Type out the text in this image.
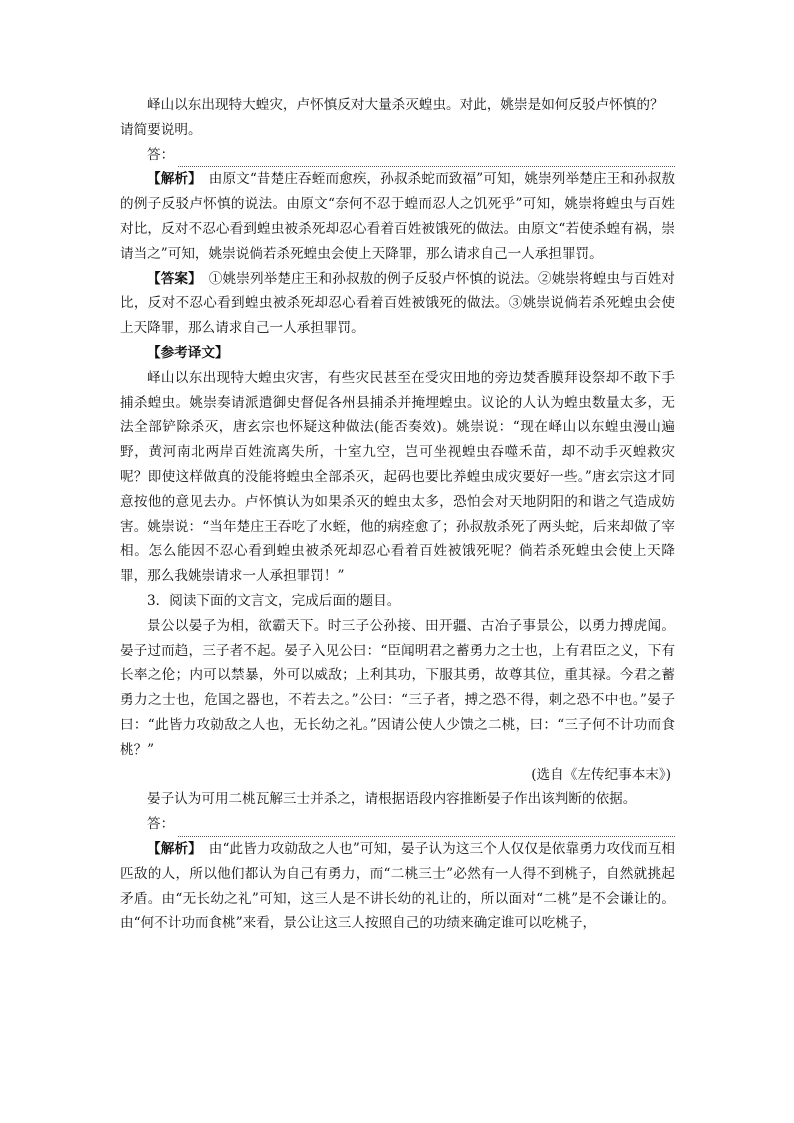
峄山以东出现特大蝗灾，卢怀慎反对大量杀灭蝗虫。对此，姚崇是如何反驳卢怀慎的？
请简要说明。

答：

【解析】　 由原文“昔楚庄吞蛭而愈疾，孙叔杀蛇而致福”可知，姚崇列举楚庄王和孙叔敖的例子反驳卢怀慎的说法。由原文“奈何不忍于蝗而忍人之饥死乎”可知，姚崇将蝗虫与百姓对比，反对不忍心看到蝗虫被杀死却忍心看着百姓被饿死的做法。由原文“若使杀蝗有祸，崇请当之”可知，姚崇说倘若杀死蝗虫会使上天降罪，那么请求自己一人承担罪罚。

【答案】　 ①姚崇列举楚庄王和孙叔敖的例子反驳卢怀慎的说法。②姚崇将蝗虫与百姓对比，反对不忍心看到蝗虫被杀死却忍心看着百姓被饿死的做法。③姚崇说倘若杀死蝗虫会使上天降罪，那么请求自己一人承担罪罚。

【参考译文】

峄山以东出现特大蝗虫灾害，有些灾民甚至在受灾田地的旁边焚香膜拜设祭却不敢下手捕杀蝗虫。姚崇奏请派遣御史督促各州县捕杀并掩埋蝗虫。议论的人认为蝗虫数量太多，无法全部铲除杀灭，唐玄宗也怀疑这种做法(能否奏效)。姚崇说：“现在峄山以东蝗虫漫山遍野，黄河南北两岸百姓流离失所，十室九空，岂可坐视蝗虫吞噬禾苗，却不动手灭蝗救灾呢？即使这样做真的没能将蝗虫全部杀灭，起码也要比养蝗虫成灾要好一些。”唐玄宗这才同意按他的意见去办。卢怀慎认为如果杀灭的蝗虫太多，恐怕会对天地阴阳的和谐之气造成妨害。姚崇说：“当年楚庄王吞吃了水蛭，他的病痊愈了；孙叔敖杀死了两头蛇，后来却做了宰相。怎么能因不忍心看到蝗虫被杀死却忍心看着百姓被饿死呢？倘若杀死蝗虫会使上天降罪，那么我姚崇请求一人承担罪罚！”

3．阅读下面的文言文，完成后面的题目。

景公以晏子为相，欲霸天下。时三子公孙接、田开疆、古冶子事景公，以勇力搏虎闻。晏子过而趋，三子者不起。晏子入见公曰：“臣闻明君之蓄勇力之士也，上有君臣之义，下有长率之伦；内可以禁暴，外可以威敌；上利其功，下服其勇，故尊其位，重其禄。今君之蓄勇力之士也，危国之器也，不若去之。”公曰：“三子者，搏之恐不得，刺之恐不中也。”晏子曰：“此皆力攻勍敌之人也，无长幼之礼。”因请公使人少馈之二桃，曰：“三子何不计功而食桃？”

(选自《左传纪事本末》)

晏子认为可用二桃瓦解三士并杀之，请根据语段内容推断晏子作出该判断的依据。

答：

【解析】　 由“此皆力攻勍敌之人也”可知，晏子认为这三个人仅仅是依靠勇力攻伐而互相匹敌的人，所以他们都认为自己有勇力，而“二桃三士”必然有一人得不到桃子，自然就挑起矛盾。由“无长幼之礼”可知，这三人是不讲长幼的礼让的，所以面对“二桃”是不会谦让的。由“何不计功而食桃”来看，景公让这三人按照自己的功绩来确定谁可以吃桃子，
